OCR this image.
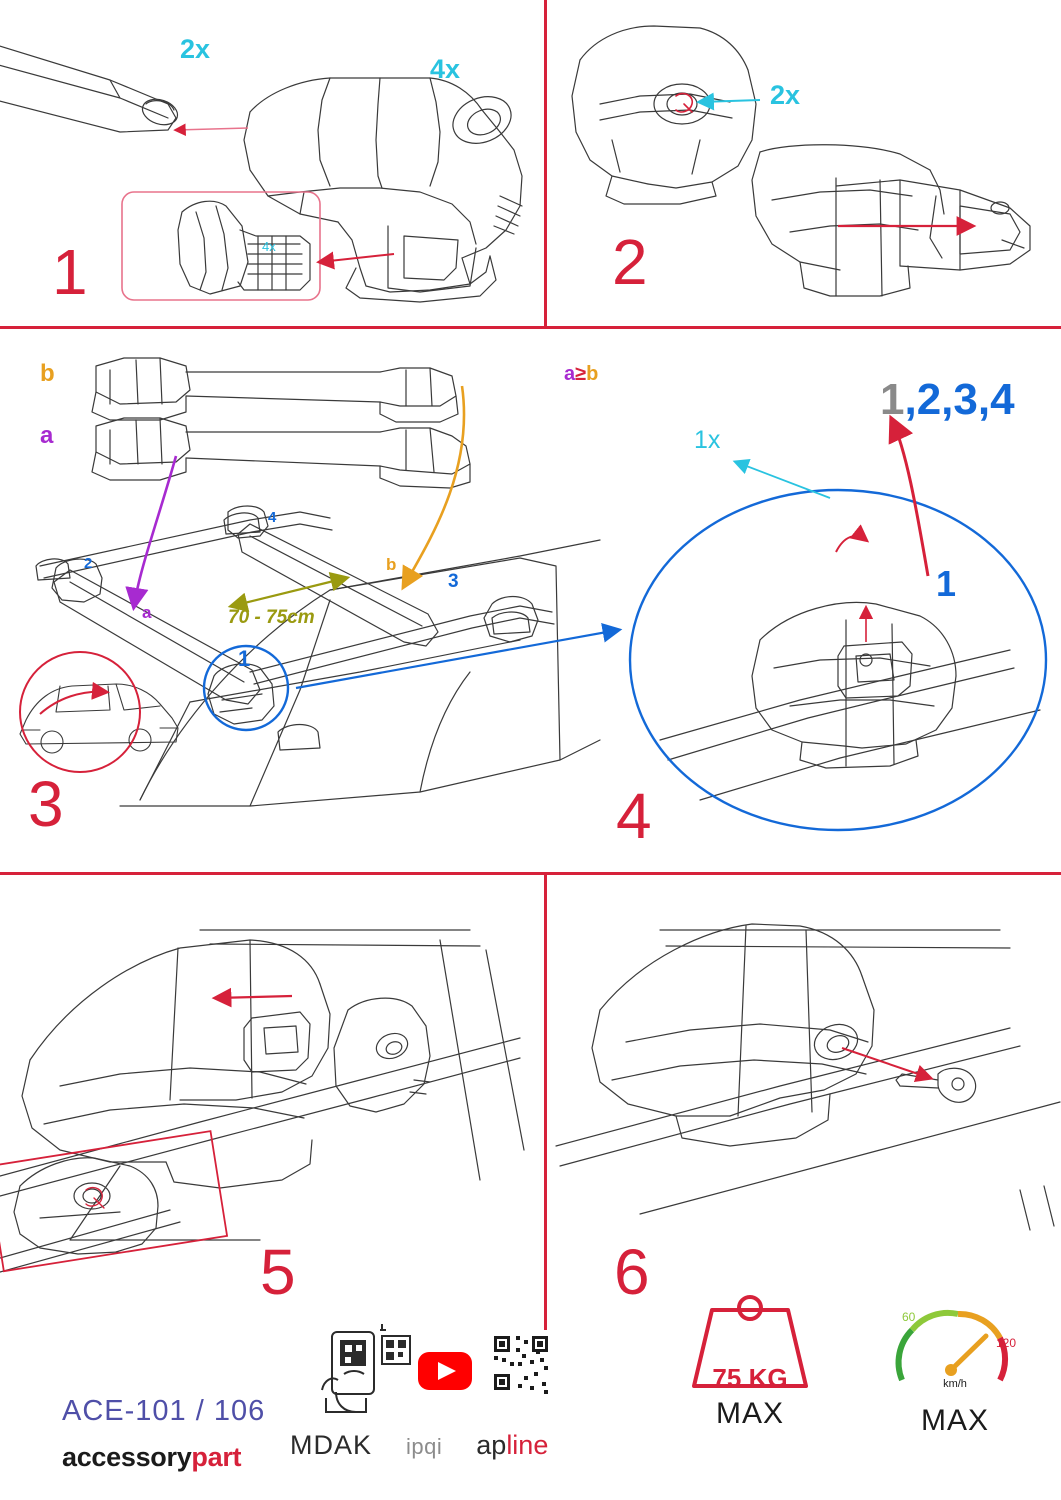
1	2
3	4
5	6
2x
4x
4x
2x
b
a
a≥b
a
b
70 - 75cm
1
2
3
4
1x
1,2,3,4
1
ACE-101 / 106
accessorypart	MDAK ipqi apline
75 KG
MAX
60
120
km/h
MAX
